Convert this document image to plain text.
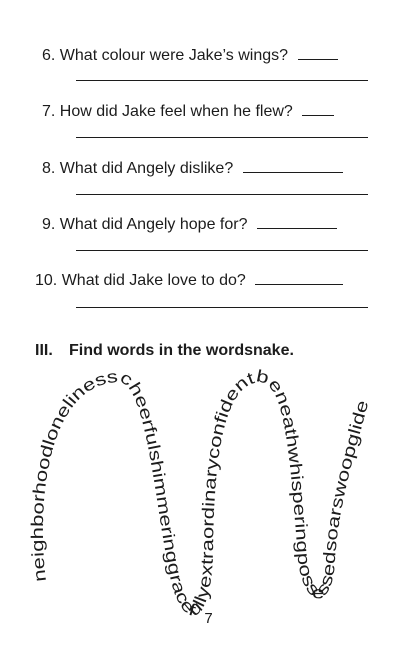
6. What colour were Jake’s wings?
7. How did Jake feel when he flew?
8. What did Angely dislike?
9. What did Angely hope for?
10. What did Jake love to do?
III. Find words in the wordsnake.
neighborhoodlonelinesscheerfulshimmeringgracefullyextraordinaryconfidentbeneathwhisperingpossessedsoarswoopglide
7
